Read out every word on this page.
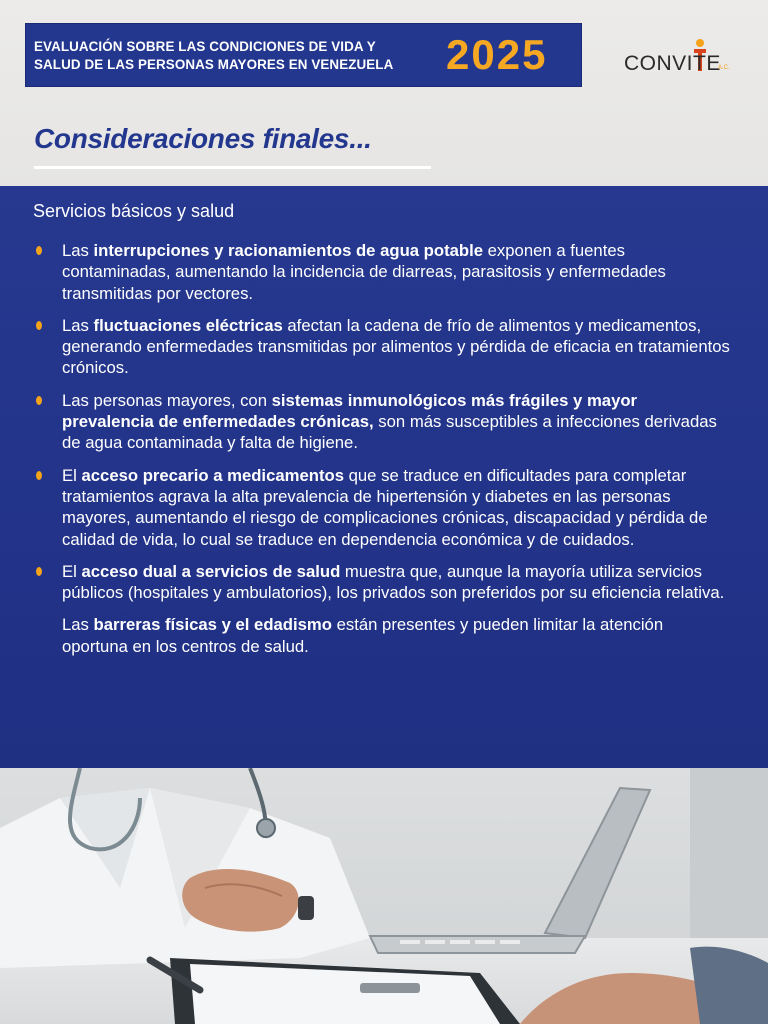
EVALUACIÓN SOBRE LAS CONDICIONES DE VIDA Y
SALUD DE LAS PERSONAS MAYORES EN VENEZUELA	2025	CONVITE
A.C.
Consideraciones finales...
Servicios básicos y salud
Las interrupciones y racionamientos de agua potable exponen a fuentes contaminadas, aumentando la incidencia de diarreas, parasitosis y enfermedades transmitidas por vectores.
Las fluctuaciones eléctricas afectan la cadena de frío de alimentos y medicamentos, generando enfermedades transmitidas por alimentos y pérdida de eficacia en tratamientos crónicos.
Las personas mayores, con sistemas inmunológicos más frágiles y mayor prevalencia de enfermedades crónicas, son más susceptibles a infecciones derivadas de agua contaminada y falta de higiene.
El acceso precario a medicamentos que se traduce en dificultades para completar tratamientos agrava la alta prevalencia de hipertensión y diabetes en las personas mayores, aumentando el riesgo de complicaciones crónicas, discapacidad y pérdida de calidad de vida, lo cual se traduce en dependencia económica y de cuidados.
El acceso dual a servicios de salud muestra que, aunque la mayoría utiliza servicios públicos (hospitales y ambulatorios), los privados son preferidos por su eficiencia relativa.
Las barreras físicas y el edadismo están presentes y pueden limitar la atención oportuna en los centros de salud.
